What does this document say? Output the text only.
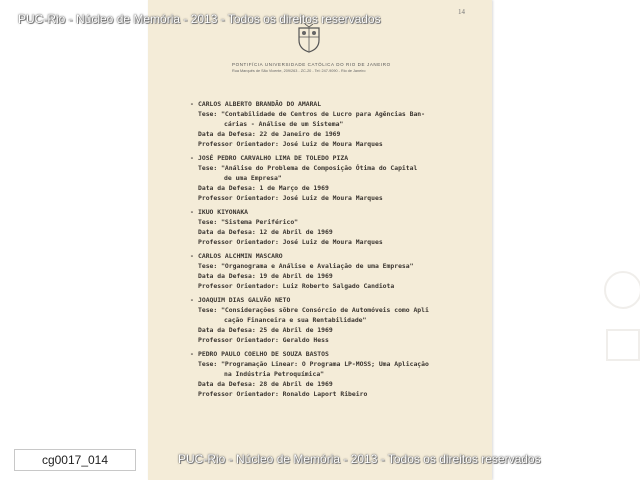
14
PONTIFÍCIA UNIVERSIDADE CATÓLICA DO RIO DE JANEIRO
Rua Marquês de São Vicente, 209/263 - ZC-20 - Tel: 247-9090 - Rio de Janeiro
- CARLOS ALBERTO BRANDÃO DO AMARAL
Tese: "Contabilidade de Centros de Lucro para Agências Ban-
cárias - Análise de um Sistema"
Data da Defesa: 22 de Janeiro de 1969
Professor Orientador: José Luiz de Moura Marques
- JOSÉ PEDRO CARVALHO LIMA DE TOLEDO PIZA
Tese: "Análise do Problema de Composição Ótima do Capital
de uma Empresa"
Data da Defesa: 1 de Março de 1969
Professor Orientador: José Luiz de Moura Marques
- IKUO KIYONAKA
Tese: "Sistema Periférico"
Data da Defesa: 12 de Abril de 1969
Professor Orientador: José Luiz de Moura Marques
- CARLOS ALCHMIN MASCARO
Tese: "Organograma e Análise e Avaliação de uma Empresa"
Data da Defesa: 19 de Abril de 1969
Professor Orientador: Luiz Roberto Salgado Candiota
- JOAQUIM DIAS GALVÃO NETO
Tese: "Considerações sôbre Consórcio de Automóveis como Apli
cação Financeira e sua Rentabilidade"
Data da Defesa: 25 de Abril de 1969
Professor Orientador: Geraldo Hess
- PEDRO PAULO COELHO DE SOUZA BASTOS
Tese: "Programação Linear: O Programa LP-MOSS; Uma Aplicação
na Indústria Petroquímica"
Data da Defesa: 28 de Abril de 1969
Professor Orientador: Ronaldo Laport Ribeiro
PUC-Rio - Núcleo de Memória - 2013 - Todos os direitos reservados
PUC-Rio - Núcleo de Memória - 2013 - Todos os direitos reservados
cg0017_014
